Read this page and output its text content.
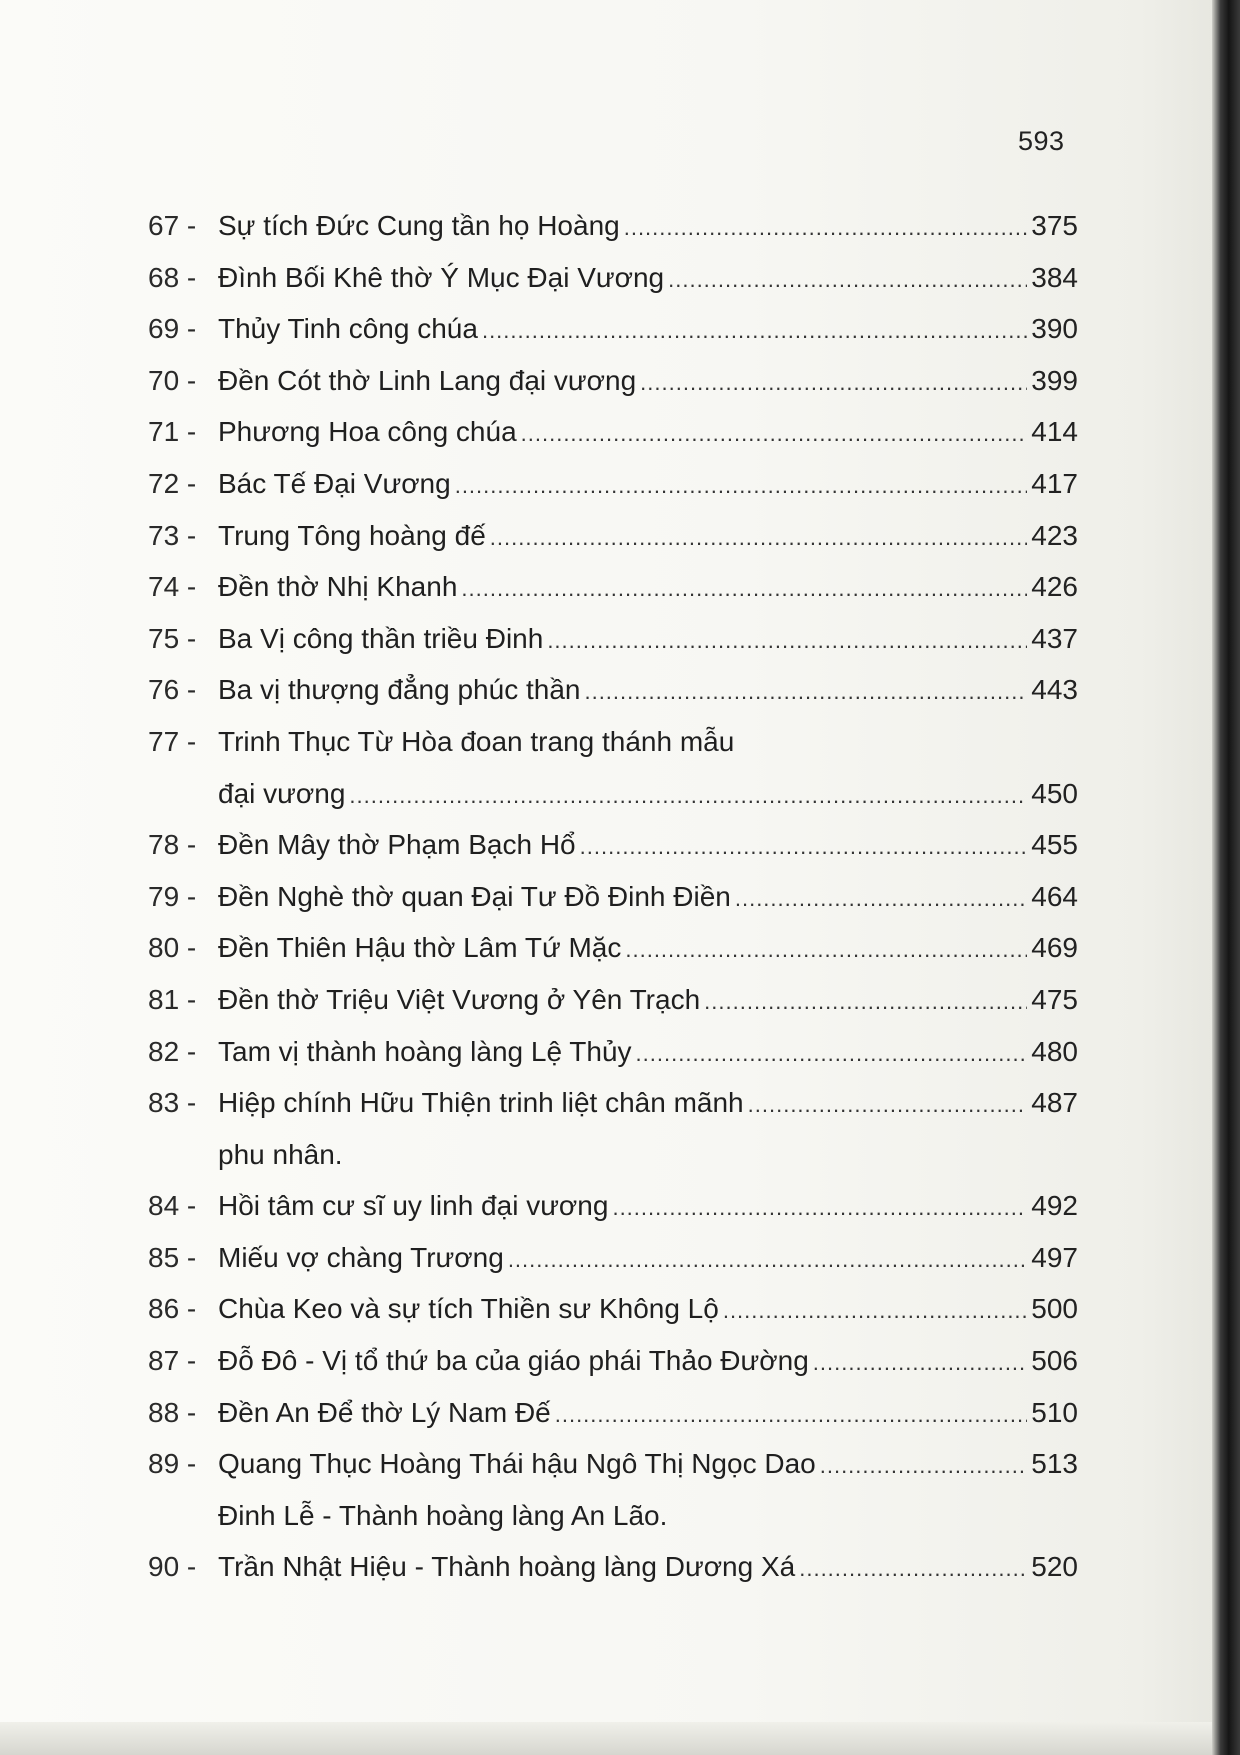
593
67 - Sự tích Đức Cung tần họ Hoàng .....	375
68 - Đình Bối Khê thờ Ý Mục Đại Vương .....	384
69 - Thủy Tinh công chúa .....	390
70 - Đền Cót thờ Linh Lang đại vương .....	399
71 - Phương Hoa công chúa .....	414
72 - Bác Tế Đại Vương .....	417
73 - Trung Tông hoàng đế .....	423
74 - Đền thờ Nhị Khanh .....	426
75 - Ba Vị công thần triều Đinh .....	437
76 - Ba vị thượng đẳng phúc thần .....	443
77 - Trinh Thục Từ Hòa đoan trang thánh mẫu
đại vương .....	450
78 - Đền Mây thờ Phạm Bạch Hổ .....	455
79 - Đền Nghè thờ quan Đại Tư Đồ Đinh Điền .....	464
80 - Đền Thiên Hậu thờ Lâm Tứ Mặc .....	469
81 - Đền thờ Triệu Việt Vương ở Yên Trạch .....	475
82 - Tam vị thành hoàng làng Lệ Thủy .....	480
83 - Hiệp chính Hữu Thiện trinh liệt chân mãnh .....	487
phu nhân.
84 - Hồi tâm cư sĩ uy linh đại vương .....	492
85 - Miếu vợ chàng Trương .....	497
86 - Chùa Keo và sự tích Thiền sư Không Lộ .....	500
87 - Đỗ Đô - Vị tổ thứ ba của giáo phái Thảo Đường .....	506
88 - Đền An Để thờ Lý Nam Đế .....	510
89 - Quang Thục Hoàng Thái hậu Ngô Thị Ngọc Dao .....	513
Đinh Lễ - Thành hoàng làng An Lão.
90 - Trần Nhật Hiệu - Thành hoàng làng Dương Xá .....	520
